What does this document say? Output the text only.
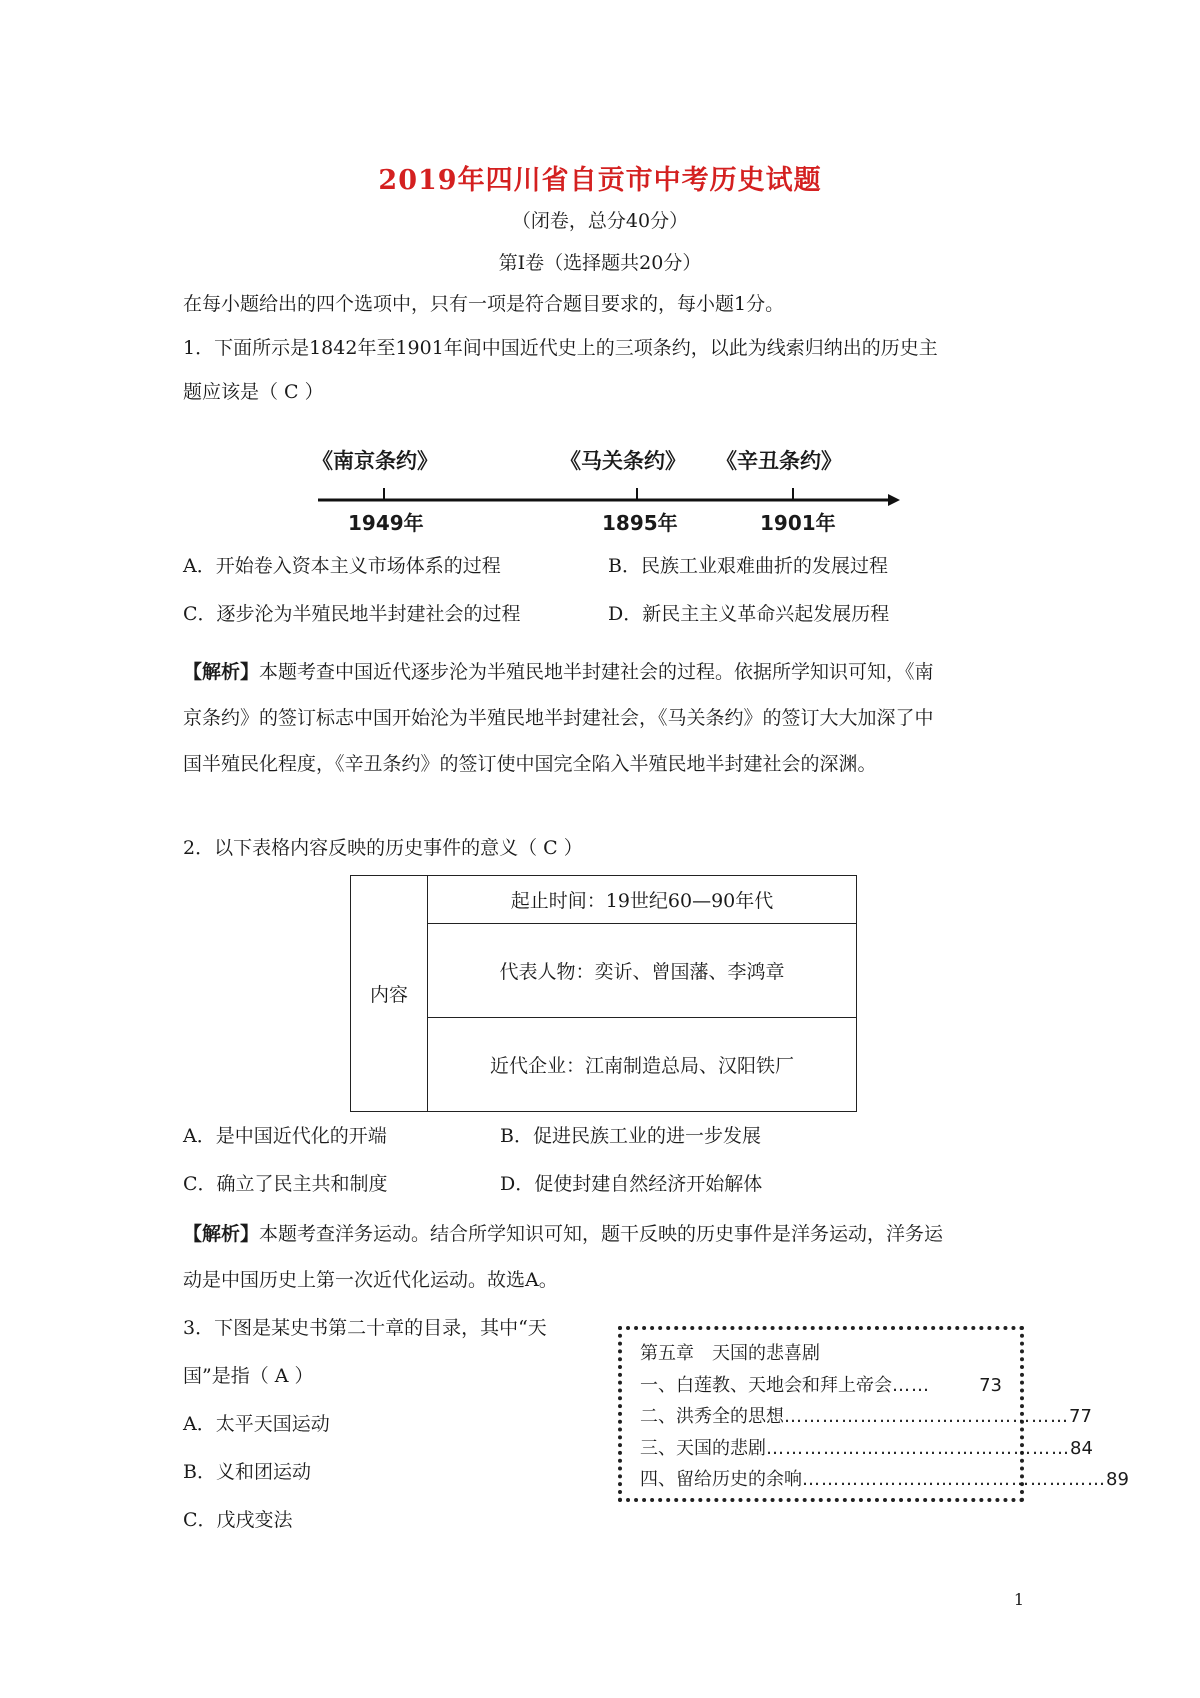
2019年四川省自贡市中考历史试题
（闭卷，总分40分）
第Ⅰ卷（选择题共20分）
在每小题给出的四个选项中，只有一项是符合题目要求的，每小题1分。
1．下面所示是1842年至1901年间中国近代史上的三项条约，以此为线索归纳出的历史主
题应该是（ C ）
《南京条约》	《马关条约》 《辛丑条约》
1949年	1895年	1901年
A．开始卷入资本主义市场体系的过程	B．民族工业艰难曲折的发展过程
C．逐步沦为半殖民地半封建社会的过程	D．新民主主义革命兴起发展历程
【解析】本题考查中国近代逐步沦为半殖民地半封建社会的过程。依据所学知识可知，《南
京条约》的签订标志中国开始沦为半殖民地半封建社会，《马关条约》的签订大大加深了中
国半殖民化程度，《辛丑条约》的签订使中国完全陷入半殖民地半封建社会的深渊。
2．以下表格内容反映的历史事件的意义（ C ）
内容	起止时间：19世纪60—90年代
代表人物：奕䜣、曾国藩、李鸿章
近代企业：江南制造总局、汉阳铁厂
A．是中国近代化的开端	B．促进民族工业的进一步发展
C．确立了民主共和制度	D．促使封建自然经济开始解体
【解析】本题考查洋务运动。结合所学知识可知，题干反映的历史事件是洋务运动，洋务运
动是中国历史上第一次近代化运动。故选A。
3．下图是某史书第二十章的目录，其中“天
国”是指（ A ）
A．太平天国运动
B．义和团运动
C．戊戌变法
第五章　天国的悲喜剧
一、白莲教、天地会和拜上帝会 ……	73
二、洪秀全的思想 ……………………………………… 77
三、天国的悲剧 ………………………………………… 84
四、留给历史的余响 ………………………………………… 89
1
